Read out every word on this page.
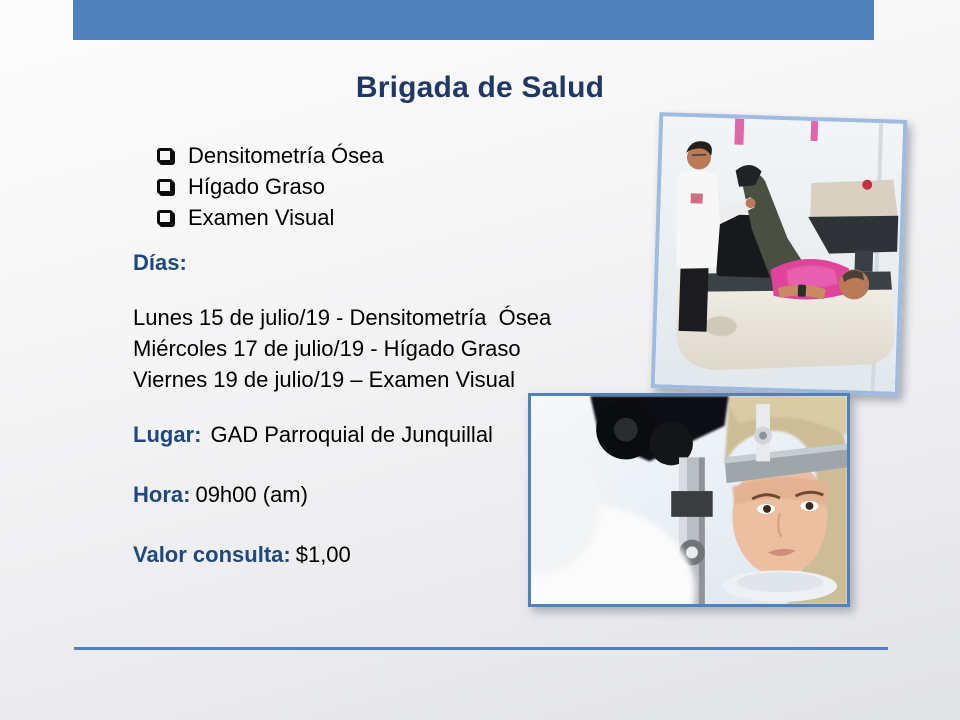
Brigada de Salud
Densitometría Ósea
Hígado Graso
Examen Visual
Días:
Lunes 15 de julio/19 - Densitometría  Ósea
Miércoles 17 de julio/19 - Hígado Graso
Viernes 19 de julio/19 – Examen Visual
Lugar: GAD Parroquial de Junquillal
Hora: 09h00 (am)
Valor consulta: $1,00
